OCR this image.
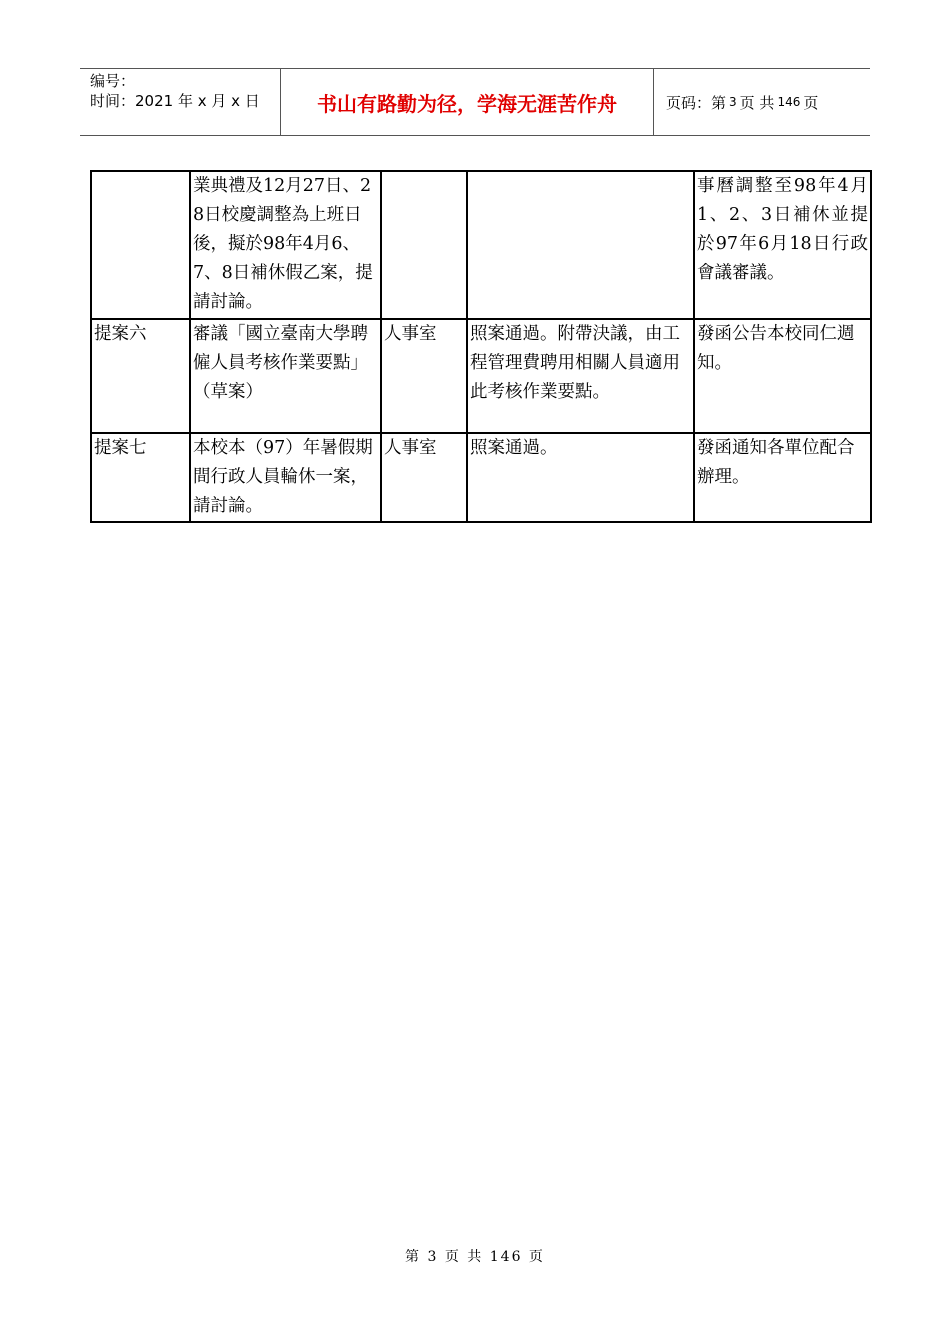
编号：
时间：2021 年 x 月 x 日	书山有路勤为径，学海无涯苦作舟	页码：第 3 页 共 146 页
	業典禮及12月27日、28日校慶調整為上班日後，擬於98年4月6、7、8日補休假乙案，提請討論。			事曆調整至98年4月1、2、3日補休並提於97年6月18日行政會議審議。
提案六	審議「國立臺南大學聘僱人員考核作業要點」（草案）	人事室	照案通過。附帶決議，由工程管理費聘用相關人員適用此考核作業要點。	發函公告本校同仁週知。
提案七	本校本（97）年暑假期間行政人員輪休一案，請討論。	人事室	照案通過。	發函通知各單位配合辦理。
第 3 页 共 146 页
